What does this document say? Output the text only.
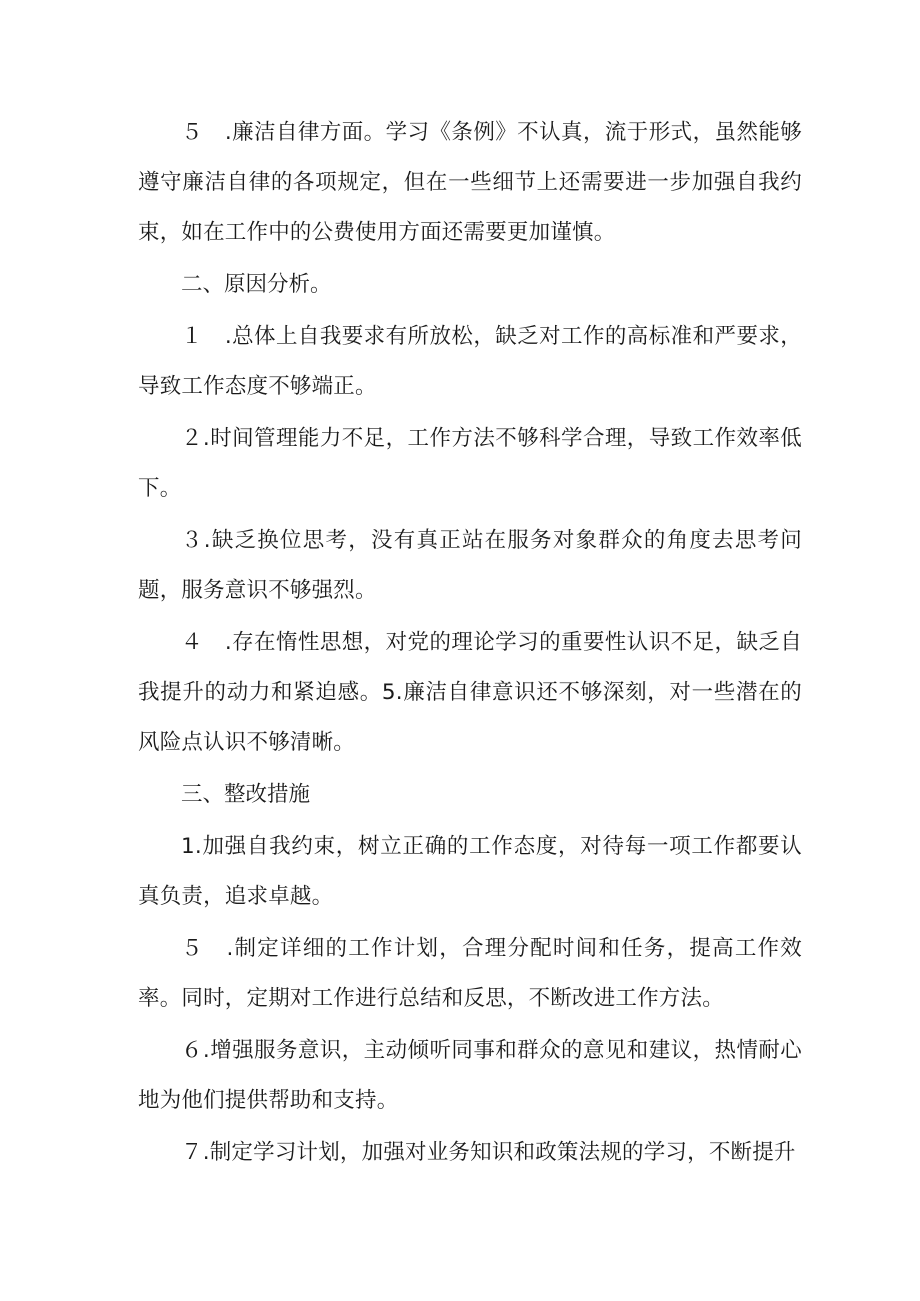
５　.廉洁自律方面。学习《条例》不认真，流于形式，虽然能够遵守廉洁自律的各项规定，但在一些细节上还需要进一步加强自我约束，如在工作中的公费使用方面还需要更加谨慎。

二、原因分析。

１　.总体上自我要求有所放松，缺乏对工作的高标准和严要求，导致工作态度不够端正。

２.时间管理能力不足，工作方法不够科学合理，导致工作效率低下。

３.缺乏换位思考，没有真正站在服务对象群众的角度去思考问题，服务意识不够强烈。

４　.存在惰性思想，对党的理论学习的重要性认识不足，缺乏自我提升的动力和紧迫感。5.廉洁自律意识还不够深刻，对一些潜在的风险点认识不够清晰。

三、整改措施

1.加强自我约束，树立正确的工作态度，对待每一项工作都要认真负责，追求卓越。

５　.制定详细的工作计划，合理分配时间和任务，提高工作效率。同时，定期对工作进行总结和反思，不断改进工作方法。

６.增强服务意识，主动倾听同事和群众的意见和建议，热情耐心地为他们提供帮助和支持。

７.制定学习计划，加强对业务知识和政策法规的学习，不断提升
